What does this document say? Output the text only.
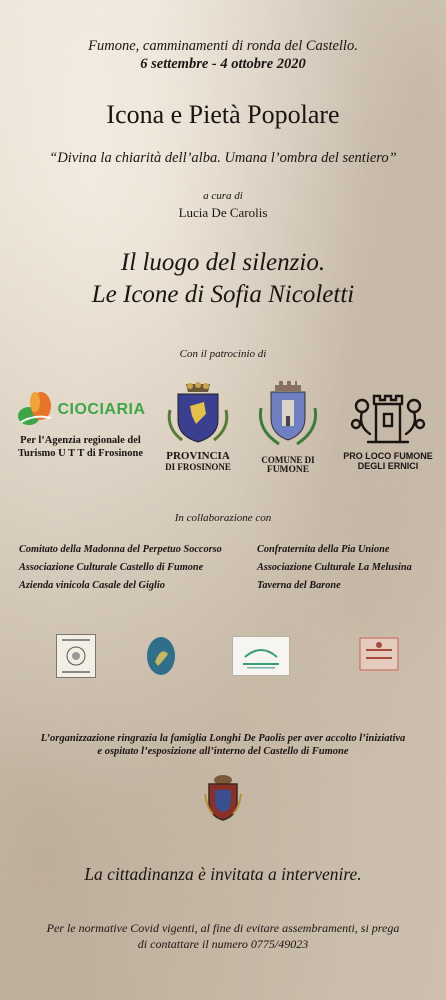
Fumone, camminamenti di ronda del Castello.
6 settembre - 4 ottobre 2020
Icona e Pietà Popolare
“Divina la chiarità dell’alba. Umana l’ombra del sentiero”
a cura di
Lucia De Carolis
Il luogo del silenzio.
Le Icone di Sofia Nicoletti
Con il patrocinio di
CIOCIARIA
Per l’Agenzia regionale del Turismo U T T di Frosinone	PROVINCIA
DI FROSINONE
COMUNE DI
FUMONE
PRO LOCO FUMONE
DEGLI ERNICI
In collaborazione con
Comitato della Madonna del Perpetuo Soccorso
Associazione Culturale Castello di Fumone
Azienda vinicola Casale del Giglio
Confraternita della Pia Unione
Associazione Culturale La Melusina
Taverna del Barone
L’organizzazione ringrazia la famiglia Longhi De Paolis per aver accolto l’iniziativa
e ospitato l’esposizione all’interno del Castello di Fumone
La cittadinanza è invitata a intervenire.
Per le normative Covid vigenti, al fine di evitare assembramenti, si prega
di contattare il numero 0775/49023
